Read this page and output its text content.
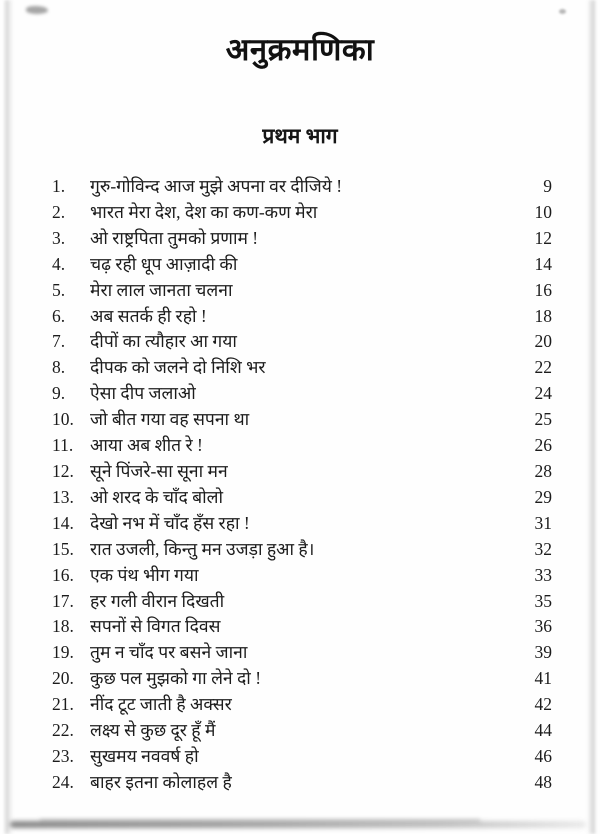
अनुक्रमणिका
प्रथम भाग
1.	गुरु-गोविन्द आज मुझे अपना वर दीजिये !	9
2.	भारत मेरा देश, देश का कण-कण मेरा	10
3.	ओ राष्ट्रपिता तुमको प्रणाम !	12
4.	चढ़ रही धूप आज़ादी की	14
5.	मेरा लाल जानता चलना	16
6.	अब सतर्क ही रहो !	18
7.	दीपों का त्यौहार आ गया	20
8.	दीपक को जलने दो निशि भर	22
9.	ऐसा दीप जलाओ	24
10. जो बीत गया वह सपना था	25
11. आया अब शीत रे !	26
12. सूने पिंजरे-सा सूना मन	28
13. ओ शरद के चाँद बोलो	29
14. देखो नभ में चाँद हँस रहा !	31
15. रात उजली, किन्तु मन उजड़ा हुआ है।	32
16. एक पंथ भीग गया	33
17. हर गली वीरान दिखती	35
18. सपनों से विगत दिवस	36
19. तुम न चाँद पर बसने जाना	39
20. कुछ पल मुझको गा लेने दो !	41
21. नींद टूट जाती है अक्सर	42
22. लक्ष्य से कुछ दूर हूँ मैं	44
23. सुखमय नववर्ष हो	46
24. बाहर इतना कोलाहल है	48
